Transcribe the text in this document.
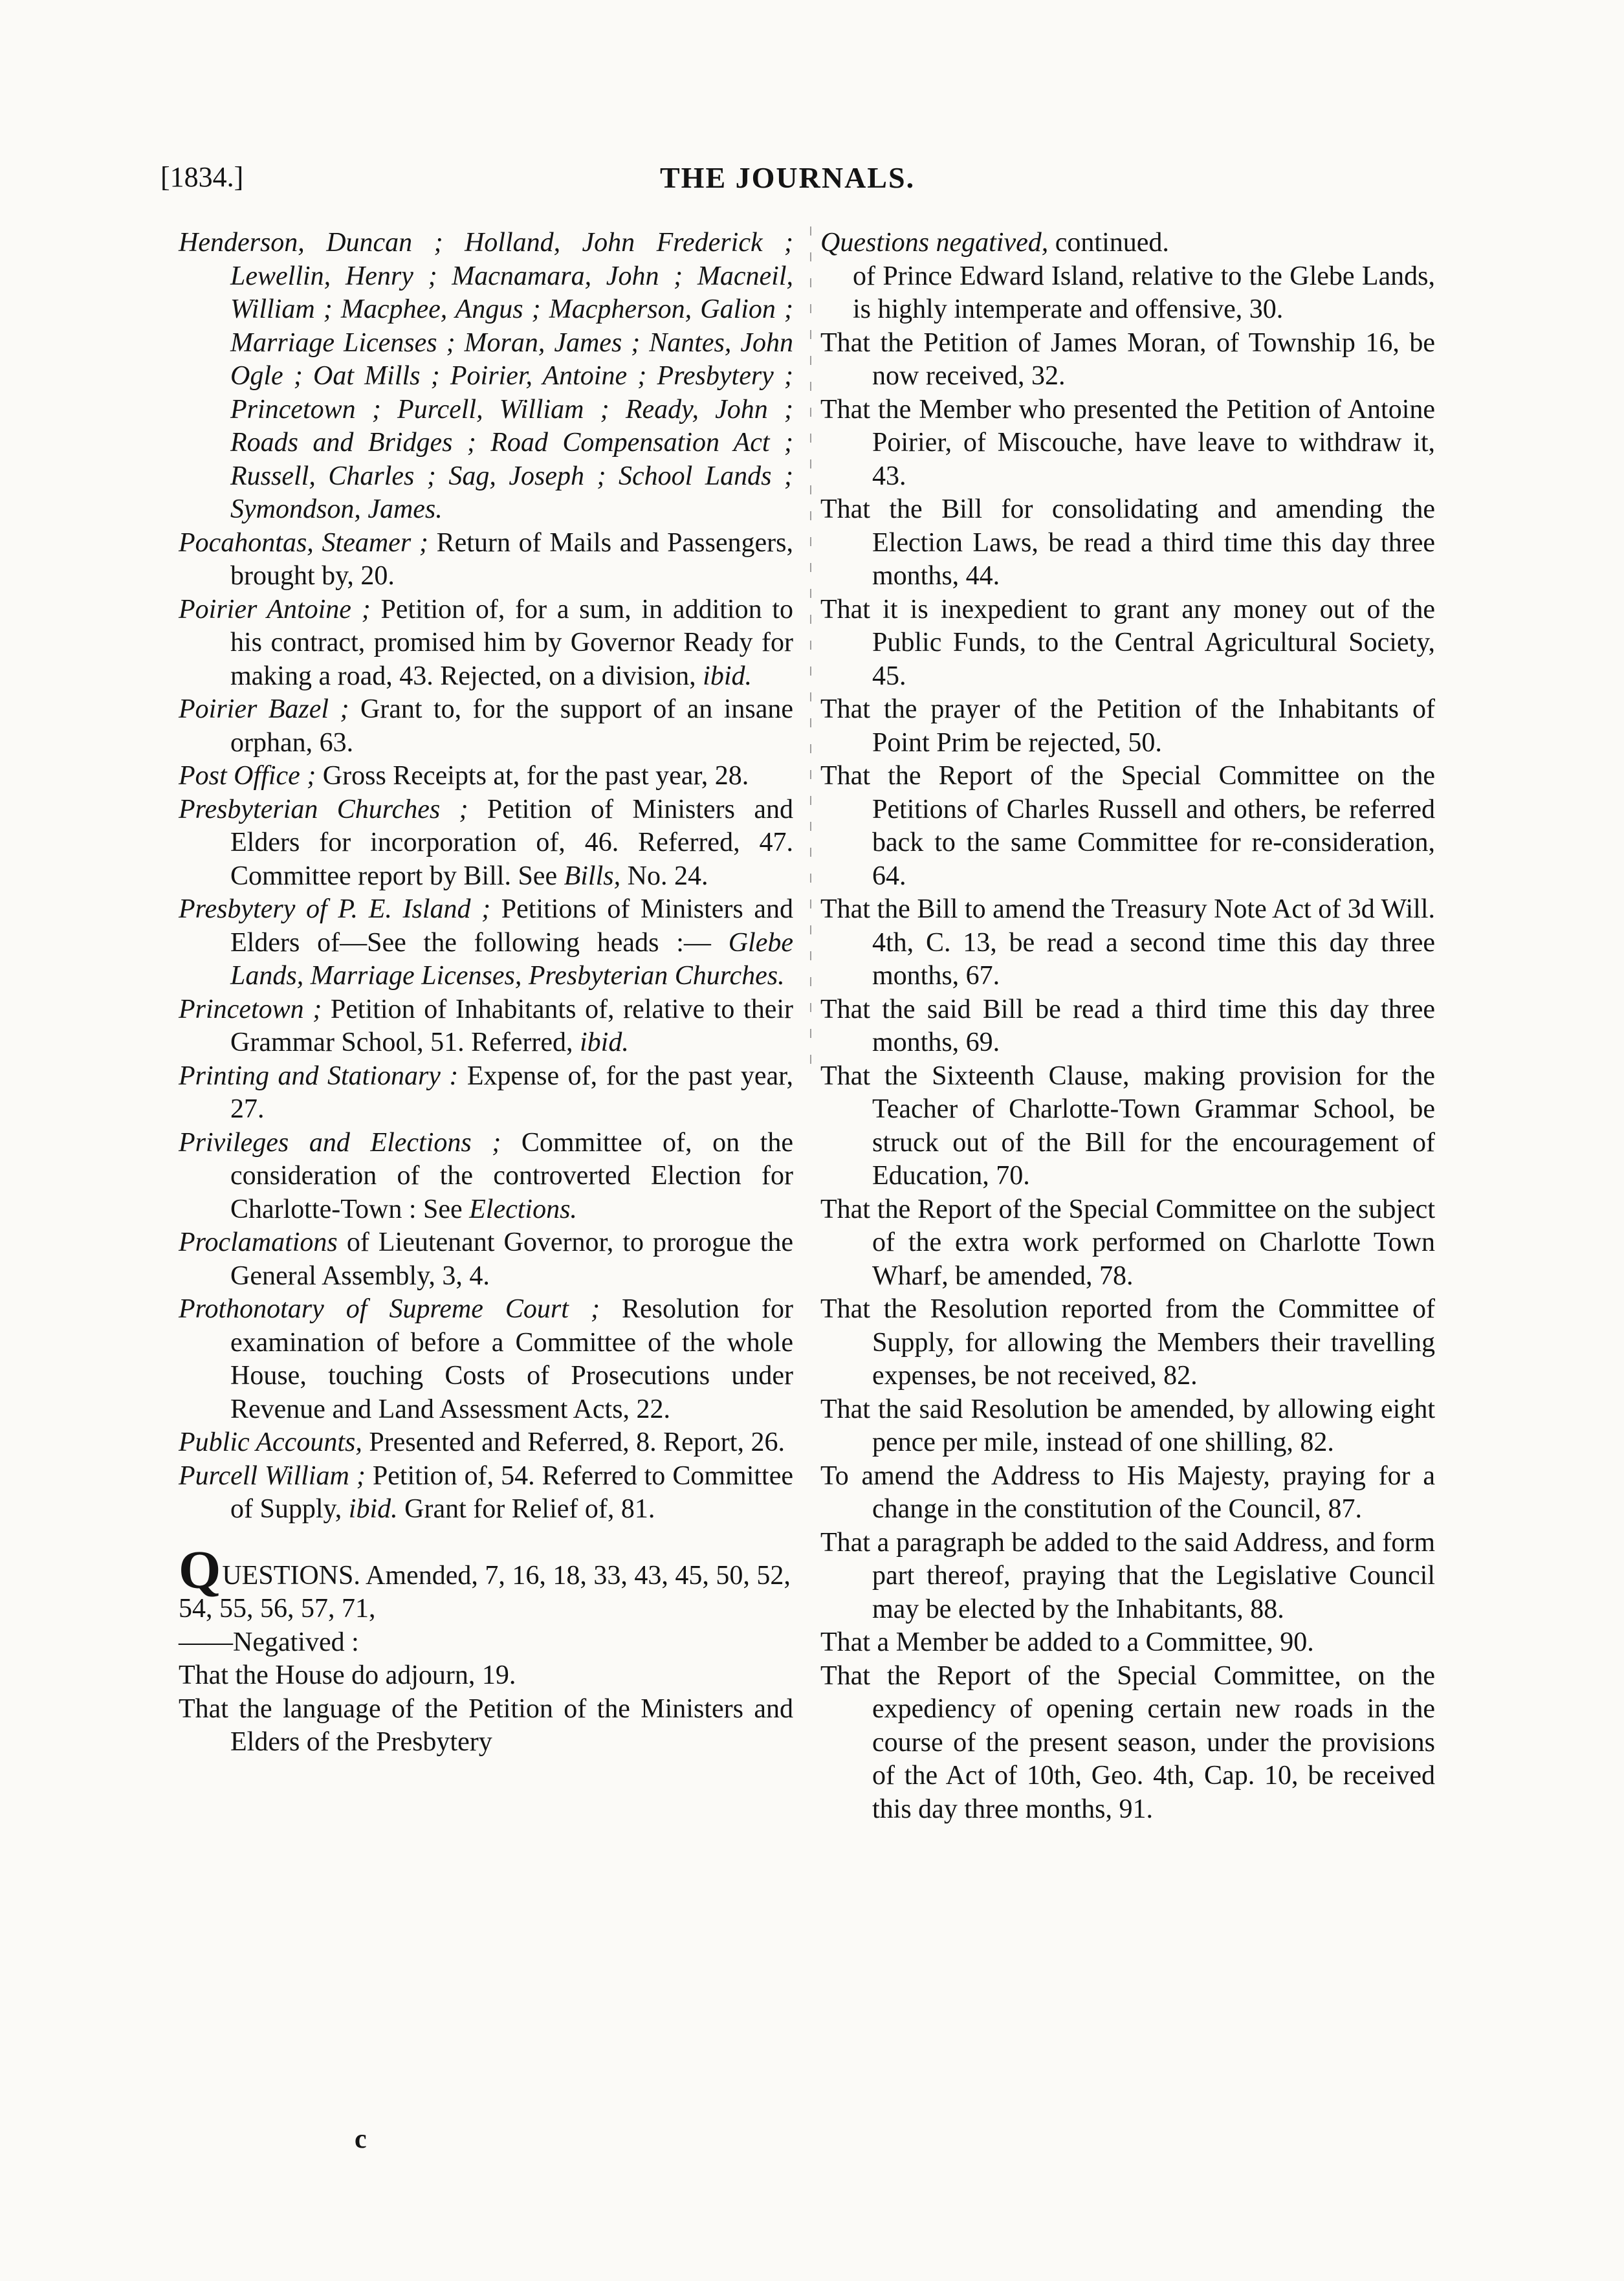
[1834.]	THE JOURNALS.
Henderson, Duncan ; Holland, John Frederick ; Lewellin, Henry ; Macnamara, John ; Macneil, William ; Macphee, Angus ; Macpherson, Galion ; Marriage Licenses ; Moran, James ; Nantes, John Ogle ; Oat Mills ; Poirier, Antoine ; Presbytery ; Princetown ; Purcell, William ; Ready, John ; Roads and Bridges ; Road Compensation Act ; Russell, Charles ; Sag, Joseph ; School Lands ; Symondson, James.
Pocahontas, Steamer ; Return of Mails and Passengers, brought by, 20.
Poirier Antoine ; Petition of, for a sum, in addition to his contract, promised him by Governor Ready for making a road, 43. Rejected, on a division, ibid.
Poirier Bazel ; Grant to, for the support of an insane orphan, 63.
Post Office ; Gross Receipts at, for the past year, 28.
Presbyterian Churches ; Petition of Ministers and Elders for incorporation of, 46. Referred, 47. Committee report by Bill. See Bills, No. 24.
Presbytery of P. E. Island ; Petitions of Ministers and Elders of—See the following heads :— Glebe Lands, Marriage Licenses, Presbyterian Churches.
Princetown ; Petition of Inhabitants of, relative to their Grammar School, 51. Referred, ibid.
Printing and Stationary : Expense of, for the past year, 27.
Privileges and Elections ; Committee of, on the consideration of the controverted Election for Charlotte-Town : See Elections.
Proclamations of Lieutenant Governor, to prorogue the General Assembly, 3, 4.
Prothonotary of Supreme Court ; Resolution for examination of before a Committee of the whole House, touching Costs of Prosecutions under Revenue and Land Assessment Acts, 22.
Public Accounts, Presented and Referred, 8. Report, 26.
Purcell William ; Petition of, 54. Referred to Committee of Supply, ibid. Grant for Relief of, 81.
QUESTIONS. Amended, 7, 16, 18, 33, 43, 45, 50, 52, 54, 55, 56, 57, 71,
——Negatived :
That the House do adjourn, 19.
That the language of the Petition of the Ministers and Elders of the Presbytery
Questions negatived, continued.
of Prince Edward Island, relative to the Glebe Lands, is highly intemperate and offensive, 30.
That the Petition of James Moran, of Township 16, be now received, 32.
That the Member who presented the Petition of Antoine Poirier, of Miscouche, have leave to withdraw it, 43.
That the Bill for consolidating and amending the Election Laws, be read a third time this day three months, 44.
That it is inexpedient to grant any money out of the Public Funds, to the Central Agricultural Society, 45.
That the prayer of the Petition of the Inhabitants of Point Prim be rejected, 50.
That the Report of the Special Committee on the Petitions of Charles Russell and others, be referred back to the same Committee for re-consideration, 64.
That the Bill to amend the Treasury Note Act of 3d Will. 4th, C. 13, be read a second time this day three months, 67.
That the said Bill be read a third time this day three months, 69.
That the Sixteenth Clause, making provision for the Teacher of Charlotte-Town Grammar School, be struck out of the Bill for the encouragement of Education, 70.
That the Report of the Special Committee on the subject of the extra work performed on Charlotte Town Wharf, be amended, 78.
That the Resolution reported from the Committee of Supply, for allowing the Members their travelling expenses, be not received, 82.
That the said Resolution be amended, by allowing eight pence per mile, instead of one shilling, 82.
To amend the Address to His Majesty, praying for a change in the constitution of the Council, 87.
That a paragraph be added to the said Address, and form part thereof, praying that the Legislative Council may be elected by the Inhabitants, 88.
That a Member be added to a Committee, 90.
That the Report of the Special Committee, on the expediency of opening certain new roads in the course of the present season, under the provisions of the Act of 10th, Geo. 4th, Cap. 10, be received this day three months, 91.
c
